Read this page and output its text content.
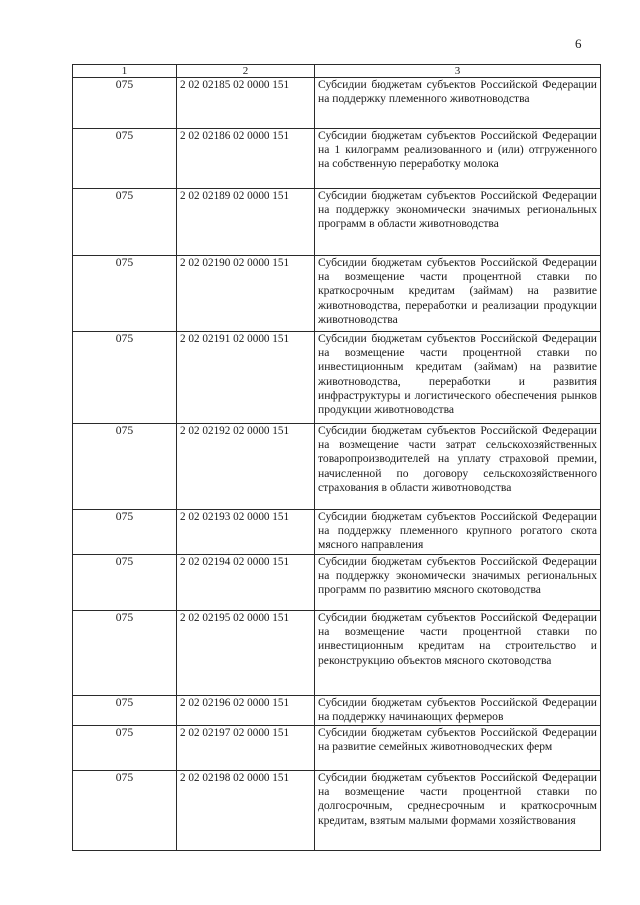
6
1	2	3
075	2 02 02185 02 0000 151	Субсидии бюджетам субъектов Российской Федерации на поддержку племенного животноводства
075	2 02 02186 02 0000 151	Субсидии бюджетам субъектов Российской Федерации на 1 килограмм реализованного и (или) отгруженного на собственную переработку молока
075	2 02 02189 02 0000 151	Субсидии бюджетам субъектов Российской Федерации на поддержку экономически значимых региональных программ в области животноводства
075	2 02 02190 02 0000 151	Субсидии бюджетам субъектов Российской Федерации на возмещение части процентной ставки по краткосрочным кредитам (займам) на развитие животноводства, переработки и реализации продукции животноводства
075	2 02 02191 02 0000 151	Субсидии бюджетам субъектов Российской Федерации на возмещение части процентной ставки по инвестиционным кредитам (займам) на развитие животноводства, переработки и развития инфраструктуры и логистического обеспечения рынков продукции животноводства
075	2 02 02192 02 0000 151	Субсидии бюджетам субъектов Российской Федерации на возмещение части затрат сельскохозяйственных товаропроизводителей на уплату страховой премии, начисленной по договору сельскохозяйственного страхования в области животноводства
075	2 02 02193 02 0000 151	Субсидии бюджетам субъектов Российской Федерации на поддержку племенного крупного рогатого скота мясного направления
075	2 02 02194 02 0000 151	Субсидии бюджетам субъектов Российской Федерации на поддержку экономически значимых региональных программ по развитию мясного скотоводства
075	2 02 02195 02 0000 151	Субсидии бюджетам субъектов Российской Федерации на возмещение части процентной ставки по инвестиционным кредитам на строительство и реконструкцию объектов мясного скотоводства
075	2 02 02196 02 0000 151	Субсидии бюджетам субъектов Российской Федерации на поддержку начинающих фермеров
075	2 02 02197 02 0000 151	Субсидии бюджетам субъектов Российской Федерации на развитие семейных животноводческих ферм
075	2 02 02198 02 0000 151	Субсидии бюджетам субъектов Российской Федерации на возмещение части процентной ставки по долгосрочным, среднесрочным и краткосрочным кредитам, взятым малыми формами хозяйствования
